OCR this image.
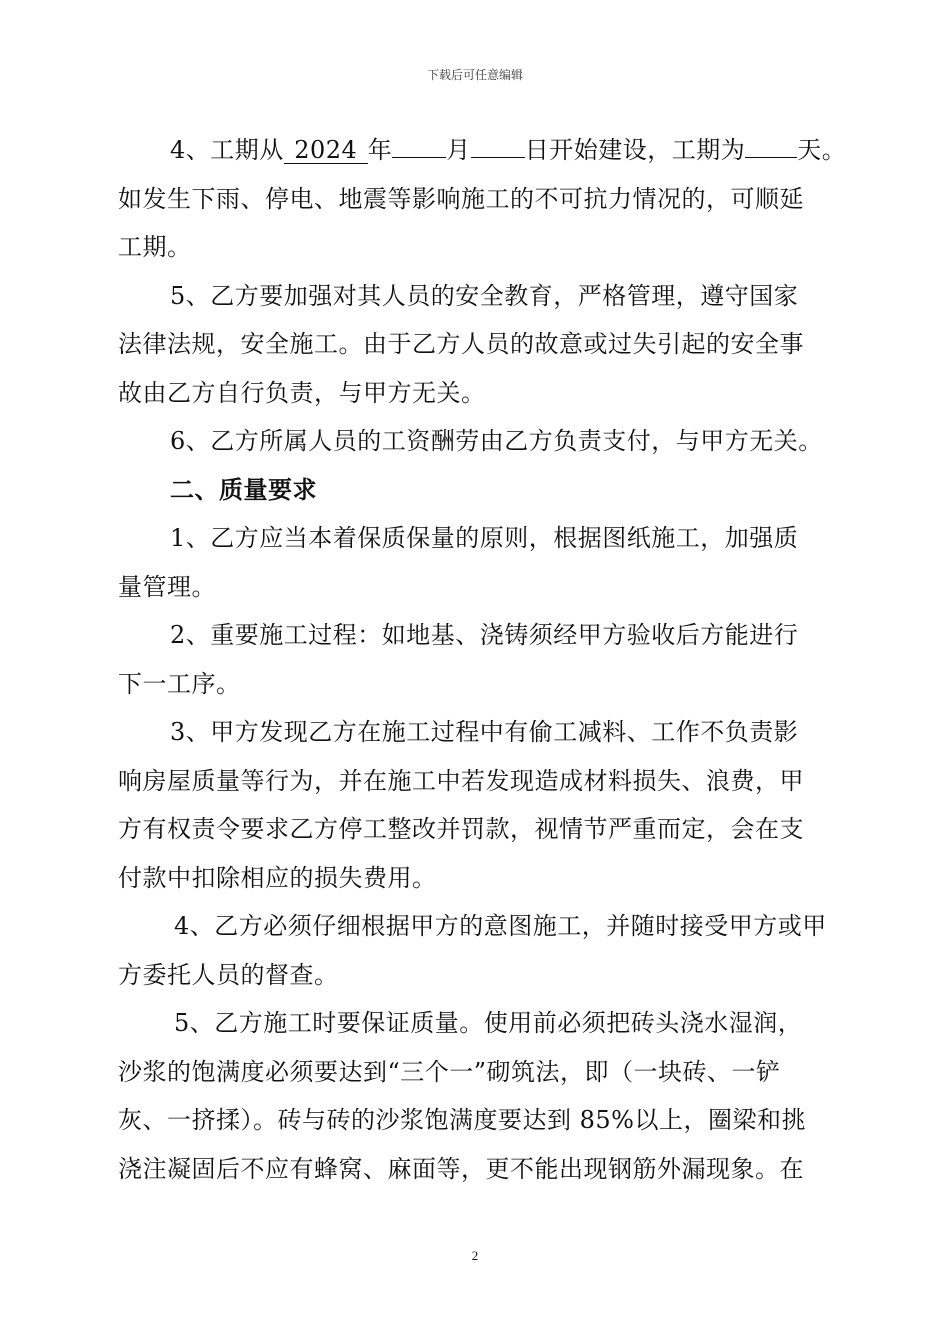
下载后可任意编辑
4、工期从 2024 年 月 日开始建设，工期为 天。
如发生下雨、停电、地震等影响施工的不可抗力情况的，可顺延
工期。
5、乙方要加强对其人员的安全教育，严格管理，遵守国家
法律法规，安全施工。由于乙方人员的故意或过失引起的安全事
故由乙方自行负责，与甲方无关。
6、乙方所属人员的工资酬劳由乙方负责支付，与甲方无关。
二、质量要求
1、乙方应当本着保质保量的原则，根据图纸施工，加强质
量管理。
2、重要施工过程：如地基、浇铸须经甲方验收后方能进行
下一工序。
3、甲方发现乙方在施工过程中有偷工减料、工作不负责影
响房屋质量等行为，并在施工中若发现造成材料损失、浪费，甲
方有权责令要求乙方停工整改并罚款，视情节严重而定，会在支
付款中扣除相应的损失费用。
4、乙方必须仔细根据甲方的意图施工，并随时接受甲方或甲
方委托人员的督查。
5、乙方施工时要保证质量。使用前必须把砖头浇水湿润，
沙浆的饱满度必须要达到“三个一”砌筑法，即（一块砖、一铲
灰、一挤揉）。砖与砖的沙浆饱满度要达到 85%以上，圈梁和挑
浇注凝固后不应有蜂窝、麻面等，更不能出现钢筋外漏现象。在
2
